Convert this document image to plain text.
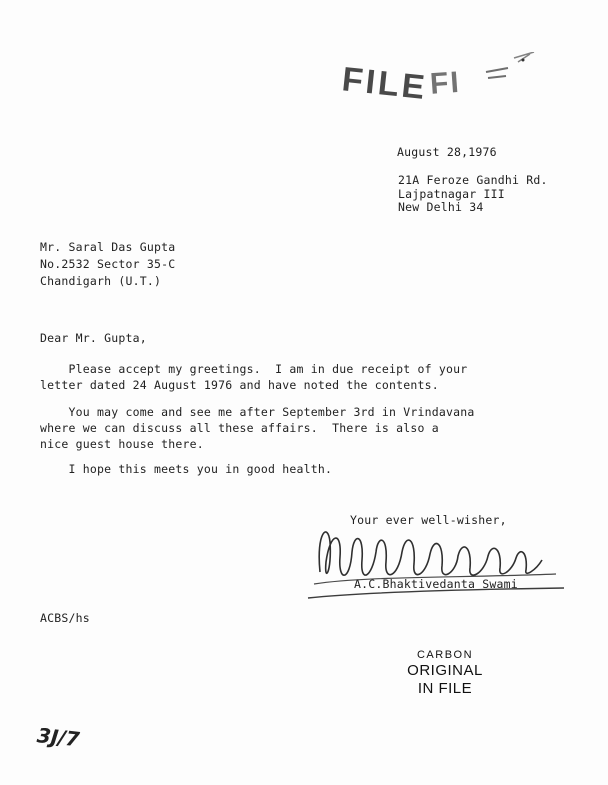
FILE FI
August 28,1976
21A Feroze Gandhi Rd.
Lajpatnagar III
New Delhi 34
Mr. Saral Das Gupta
No.2532 Sector 35-C
Chandigarh (U.T.)
Dear Mr. Gupta,
Please accept my greetings.  I am in due receipt of your
letter dated 24 August 1976 and have noted the contents.
You may come and see me after September 3rd in Vrindavana
where we can discuss all these affairs.  There is also a
nice guest house there.
I hope this meets you in good health.
Your ever well-wisher,
A.C.Bhaktivedanta Swami
ACBS/hs
CARBON
ORIGINAL
IN FILE
3J/7
